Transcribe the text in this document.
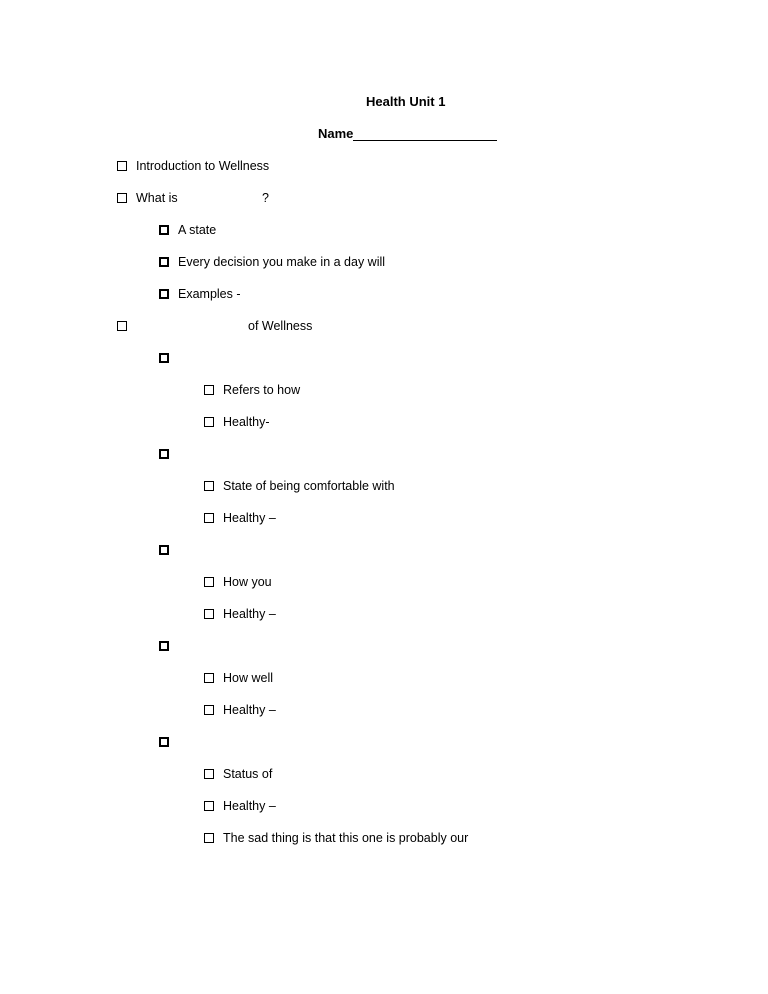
Health Unit 1
Name
Introduction to Wellness
What is	?
A state
Every decision you make in a day will
Examples -
of Wellness
Refers to how
Healthy-
State of being comfortable with
Healthy –
How you
Healthy –
How well
Healthy –
Status of
Healthy –
The sad thing is that this one is probably our
